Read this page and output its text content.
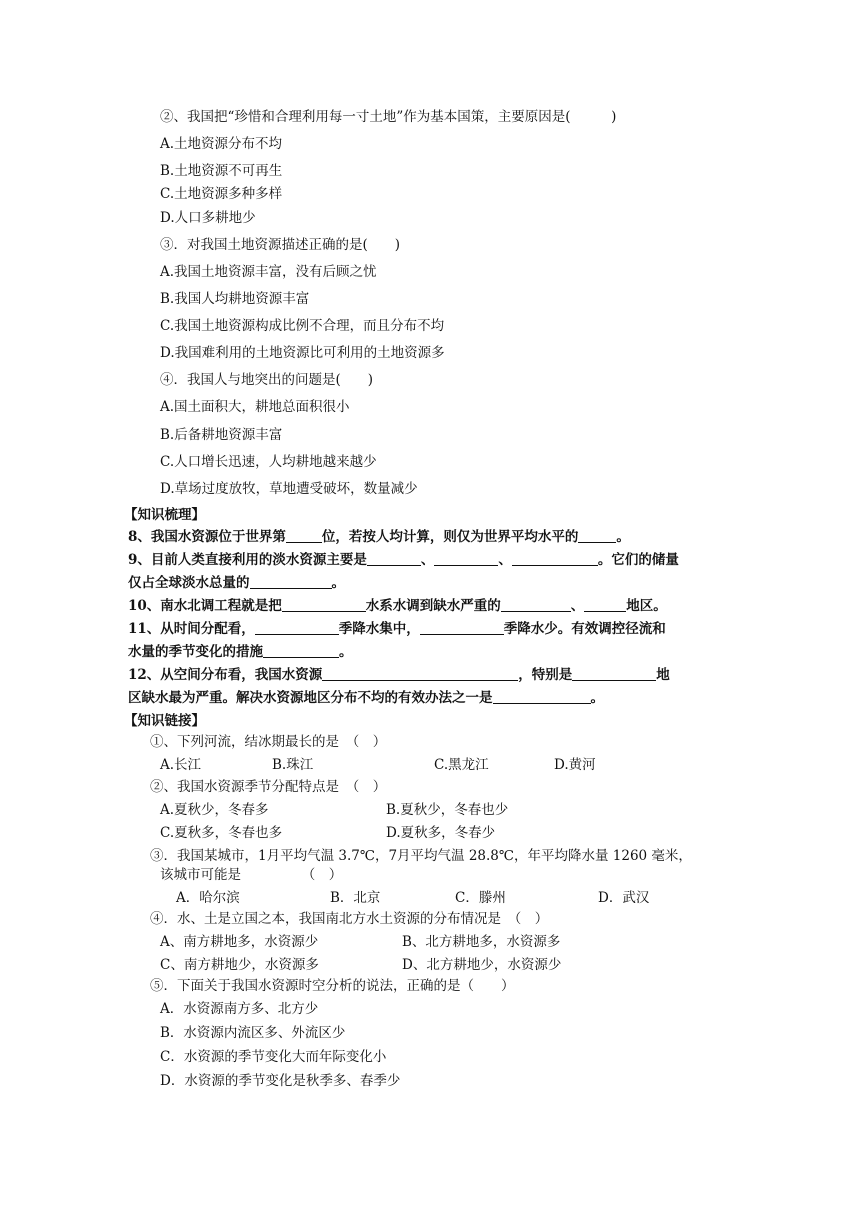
②、我国把“珍惜和合理利用每一寸土地”作为基本国策，主要原因是(　　　)
A.土地资源分布不均
B.土地资源不可再生
C.土地资源多种多样
D.人口多耕地少
③．对我国土地资源描述正确的是(　　)
A.我国土地资源丰富，没有后顾之忧
B.我国人均耕地资源丰富
C.我国土地资源构成比例不合理，而且分布不均
D.我国难利用的土地资源比可利用的土地资源多
④．我国人与地突出的问题是(　　)
A.国土面积大，耕地总面积很小
B.后备耕地资源丰富
C.人口增长迅速，人均耕地越来越少
D.草场过度放牧，草地遭受破坏，数量减少
【知识梳理】
8、我国水资源位于世界第	位，若按人均计算，则仅为世界平均水平的	。
9、目前人类直接利用的淡水资源主要是	、	、	。它们的储量
仅占全球淡水总量的	。
10、南水北调工程就是把	水系水调到缺水严重的	、	地区。
11、从时间分配看，	季降水集中，	季降水少。有效调控径流和
水量的季节变化的措施	。
12、从空间分布看，我国水资源	，特别是	地
区缺水最为严重。解决水资源地区分布不均的有效办法之一是	。
【知识链接】
①、下列河流，结冰期最长的是　（　）
A.长江	B.珠江	C.黑龙江	D.黄河
②、我国水资源季节分配特点是　（　）
A.夏秋少，冬春多	B.夏秋少，冬春也少
C.夏秋多，冬春也多	D.夏秋多，冬春少
③．我国某城市，1月平均气温 3.7℃，7月平均气温 28.8℃，年平均降水量 1260 毫米，
该城市可能是　　　　　（　）
A．哈尔滨	B．北京	C．滕州	D．武汉
④．水、土是立国之本，我国南北方水土资源的分布情况是　（　）
A、南方耕地多，水资源少	B、北方耕地多，水资源多
C、南方耕地少，水资源多	D、北方耕地少，水资源少
⑤．下面关于我国水资源时空分析的说法，正确的是（　　）
A．水资源南方多、北方少
B．水资源内流区多、外流区少
C．水资源的季节变化大而年际变化小
D．水资源的季节变化是秋季多、春季少
